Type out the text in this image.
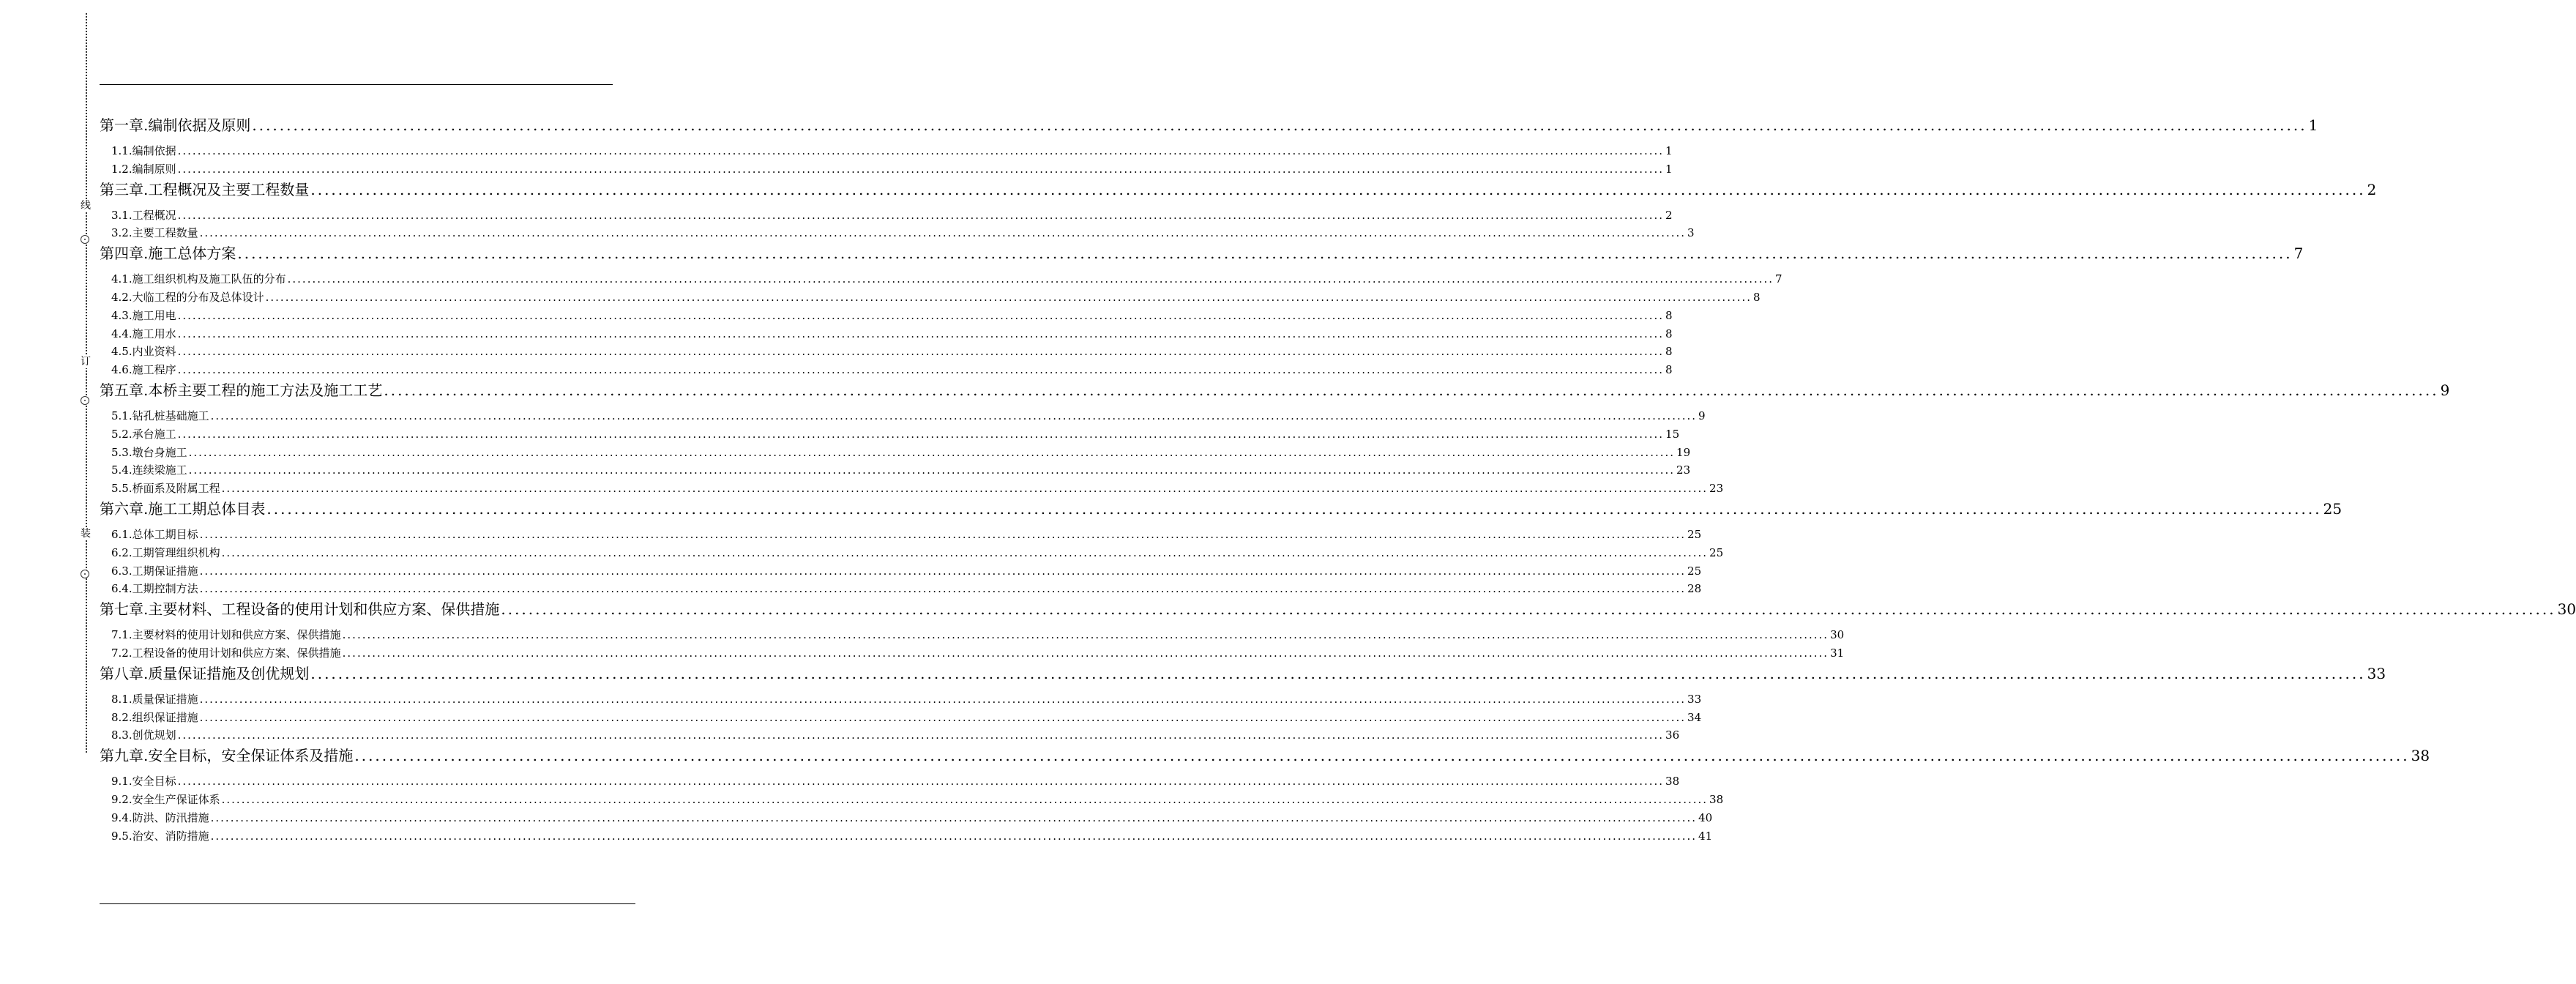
线
订
装
第一章.编制依据及原则 ............................................................................................................................................................................................................................................................................................................ 1
1.1.编制依据 ............................................................................................................................................................................................................................................................................................................ 1
1.2.编制原则 ............................................................................................................................................................................................................................................................................................................ 1
第三章.工程概况及主要工程数量 ............................................................................................................................................................................................................................................................................................................ 2
3.1.工程概况 ............................................................................................................................................................................................................................................................................................................ 2
3.2.主要工程数量 ............................................................................................................................................................................................................................................................................................................ 3
第四章.施工总体方案 ............................................................................................................................................................................................................................................................................................................ 7
4.1.施工组织机构及施工队伍的分布 ............................................................................................................................................................................................................................................................................................................ 7
4.2.大临工程的分布及总体设计 ............................................................................................................................................................................................................................................................................................................ 8
4.3.施工用电 ............................................................................................................................................................................................................................................................................................................ 8
4.4.施工用水 ............................................................................................................................................................................................................................................................................................................ 8
4.5.内业资料 ............................................................................................................................................................................................................................................................................................................ 8
4.6.施工程序 ............................................................................................................................................................................................................................................................................................................ 8
第五章.本桥主要工程的施工方法及施工工艺 ............................................................................................................................................................................................................................................................................................................ 9
5.1.钻孔桩基础施工 ............................................................................................................................................................................................................................................................................................................ 9
5.2.承台施工 ............................................................................................................................................................................................................................................................................................................ 15
5.3.墩台身施工 ............................................................................................................................................................................................................................................................................................................ 19
5.4.连续梁施工 ............................................................................................................................................................................................................................................................................................................ 23
5.5.桥面系及附属工程 ............................................................................................................................................................................................................................................................................................................ 23
第六章.施工工期总体目表 ............................................................................................................................................................................................................................................................................................................ 25
6.1.总体工期目标 ............................................................................................................................................................................................................................................................................................................ 25
6.2.工期管理组织机构 ............................................................................................................................................................................................................................................................................................................ 25
6.3.工期保证措施 ............................................................................................................................................................................................................................................................................................................ 25
6.4.工期控制方法 ............................................................................................................................................................................................................................................................................................................ 28
第七章.主要材料、工程设备的使用计划和供应方案、保供措施 ............................................................................................................................................................................................................................................................................................................ 30
7.1.主要材料的使用计划和供应方案、保供措施 ............................................................................................................................................................................................................................................................................................................ 30
7.2.工程设备的使用计划和供应方案、保供措施 ............................................................................................................................................................................................................................................................................................................ 31
第八章.质量保证措施及创优规划 ............................................................................................................................................................................................................................................................................................................ 33
8.1.质量保证措施 ............................................................................................................................................................................................................................................................................................................ 33
8.2.组织保证措施 ............................................................................................................................................................................................................................................................................................................ 34
8.3.创优规划 ............................................................................................................................................................................................................................................................................................................ 36
第九章.安全目标，安全保证体系及措施 ............................................................................................................................................................................................................................................................................................................ 38
9.1.安全目标 ............................................................................................................................................................................................................................................................................................................ 38
9.2.安全生产保证体系 ............................................................................................................................................................................................................................................................................................................ 38
9.4.防洪、防汛措施 ............................................................................................................................................................................................................................................................................................................ 40
9.5.治安、消防措施 ............................................................................................................................................................................................................................................................................................................ 41
